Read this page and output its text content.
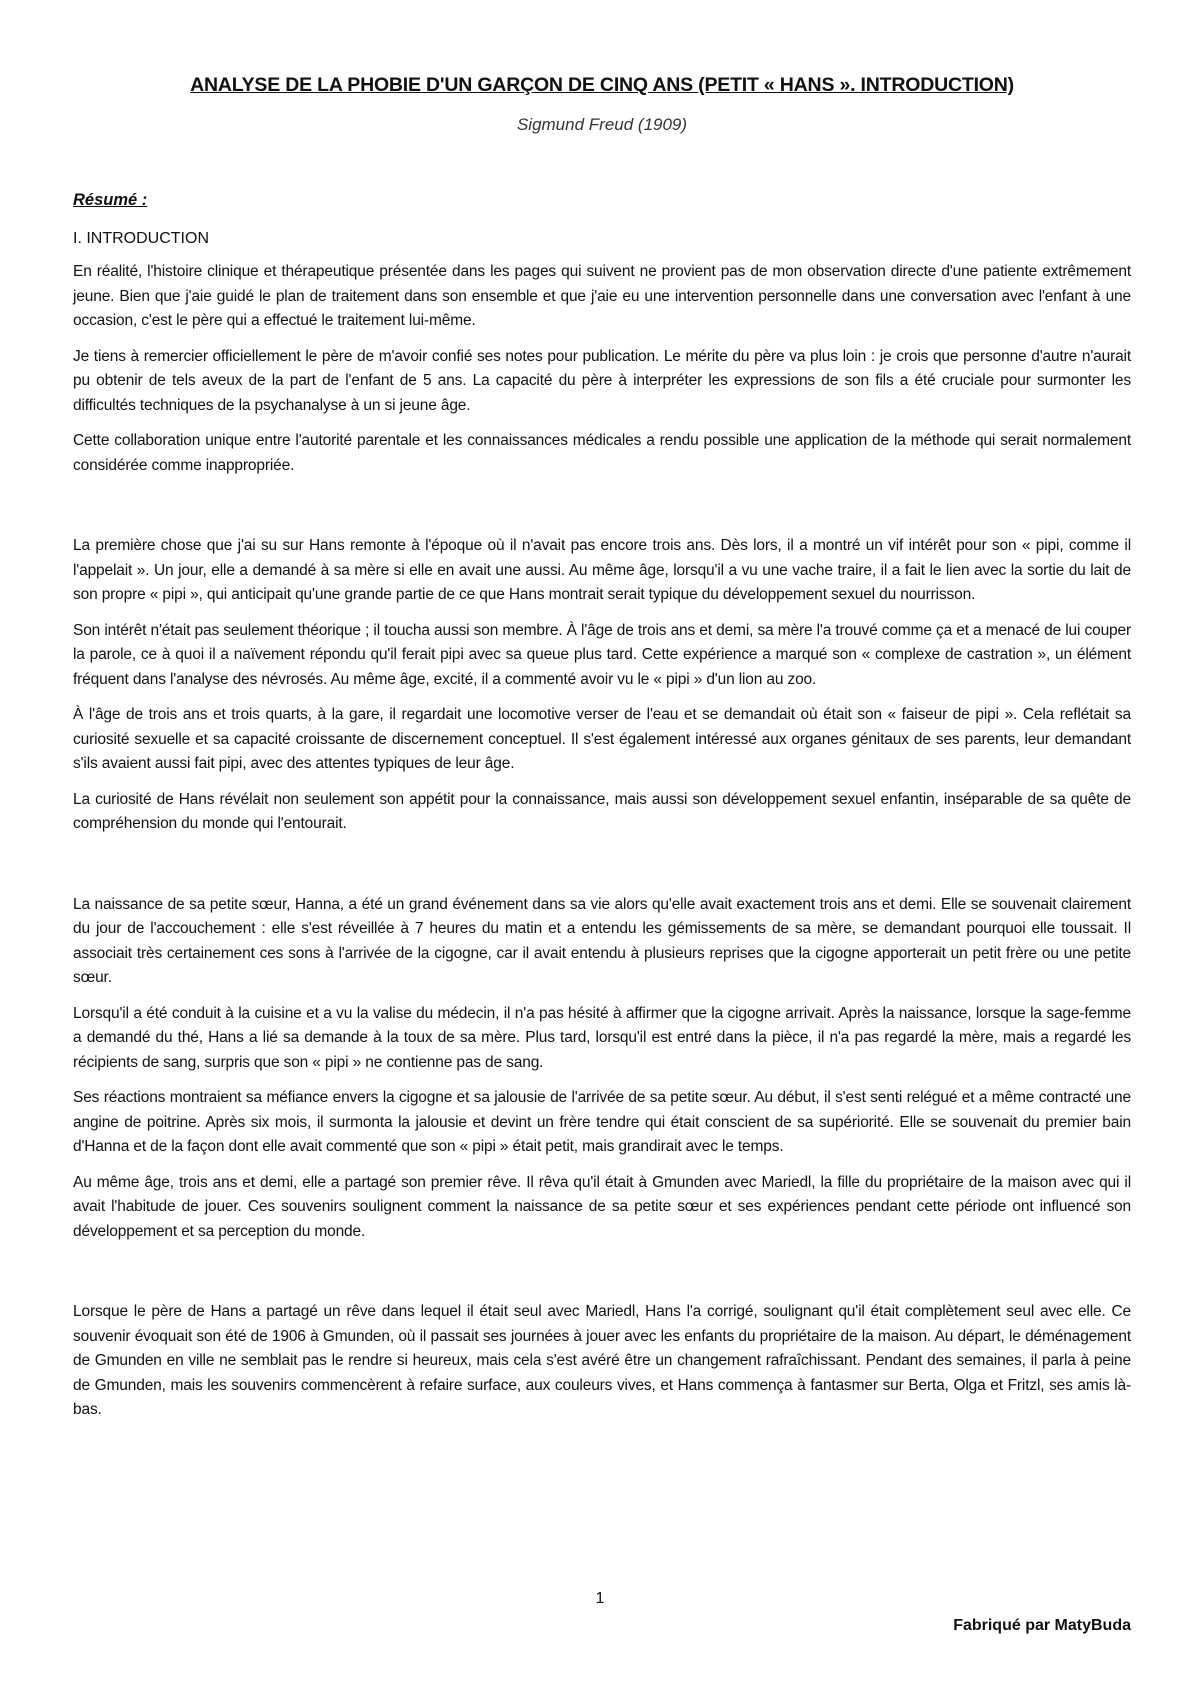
ANALYSE DE LA PHOBIE D'UN GARÇON DE CINQ ANS (PETIT « HANS ». INTRODUCTION)

Sigmund Freud (1909)

Résumé :

I. INTRODUCTION

En réalité, l'histoire clinique et thérapeutique présentée dans les pages qui suivent ne provient pas de mon observation directe d'une patiente extrêmement jeune. Bien que j'aie guidé le plan de traitement dans son ensemble et que j'aie eu une intervention personnelle dans une conversation avec l'enfant à une occasion, c'est le père qui a effectué le traitement lui-même.

Je tiens à remercier officiellement le père de m'avoir confié ses notes pour publication. Le mérite du père va plus loin : je crois que personne d'autre n'aurait pu obtenir de tels aveux de la part de l'enfant de 5 ans. La capacité du père à interpréter les expressions de son fils a été cruciale pour surmonter les difficultés techniques de la psychanalyse à un si jeune âge.

Cette collaboration unique entre l'autorité parentale et les connaissances médicales a rendu possible une application de la méthode qui serait normalement considérée comme inappropriée.

La première chose que j'ai su sur Hans remonte à l'époque où il n'avait pas encore trois ans. Dès lors, il a montré un vif intérêt pour son « pipi, comme il l'appelait ». Un jour, elle a demandé à sa mère si elle en avait une aussi. Au même âge, lorsqu'il a vu une vache traire, il a fait le lien avec la sortie du lait de son propre « pipi », qui anticipait qu'une grande partie de ce que Hans montrait serait typique du développement sexuel du nourrisson.

Son intérêt n'était pas seulement théorique ; il toucha aussi son membre. À l'âge de trois ans et demi, sa mère l'a trouvé comme ça et a menacé de lui couper la parole, ce à quoi il a naïvement répondu qu'il ferait pipi avec sa queue plus tard. Cette expérience a marqué son « complexe de castration », un élément fréquent dans l'analyse des névrosés. Au même âge, excité, il a commenté avoir vu le « pipi » d'un lion au zoo.

À l'âge de trois ans et trois quarts, à la gare, il regardait une locomotive verser de l'eau et se demandait où était son « faiseur de pipi ». Cela reflétait sa curiosité sexuelle et sa capacité croissante de discernement conceptuel. Il s'est également intéressé aux organes génitaux de ses parents, leur demandant s'ils avaient aussi fait pipi, avec des attentes typiques de leur âge.

La curiosité de Hans révélait non seulement son appétit pour la connaissance, mais aussi son développement sexuel enfantin, inséparable de sa quête de compréhension du monde qui l'entourait.

La naissance de sa petite sœur, Hanna, a été un grand événement dans sa vie alors qu'elle avait exactement trois ans et demi. Elle se souvenait clairement du jour de l'accouchement : elle s'est réveillée à 7 heures du matin et a entendu les gémissements de sa mère, se demandant pourquoi elle toussait. Il associait très certainement ces sons à l'arrivée de la cigogne, car il avait entendu à plusieurs reprises que la cigogne apporterait un petit frère ou une petite sœur.

Lorsqu'il a été conduit à la cuisine et a vu la valise du médecin, il n'a pas hésité à affirmer que la cigogne arrivait. Après la naissance, lorsque la sage-femme a demandé du thé, Hans a lié sa demande à la toux de sa mère. Plus tard, lorsqu'il est entré dans la pièce, il n'a pas regardé la mère, mais a regardé les récipients de sang, surpris que son « pipi » ne contienne pas de sang.

Ses réactions montraient sa méfiance envers la cigogne et sa jalousie de l'arrivée de sa petite sœur. Au début, il s'est senti relégué et a même contracté une angine de poitrine. Après six mois, il surmonta la jalousie et devint un frère tendre qui était conscient de sa supériorité. Elle se souvenait du premier bain d'Hanna et de la façon dont elle avait commenté que son « pipi » était petit, mais grandirait avec le temps.

Au même âge, trois ans et demi, elle a partagé son premier rêve. Il rêva qu'il était à Gmunden avec Mariedl, la fille du propriétaire de la maison avec qui il avait l'habitude de jouer. Ces souvenirs soulignent comment la naissance de sa petite sœur et ses expériences pendant cette période ont influencé son développement et sa perception du monde.

Lorsque le père de Hans a partagé un rêve dans lequel il était seul avec Mariedl, Hans l'a corrigé, soulignant qu'il était complètement seul avec elle. Ce souvenir évoquait son été de 1906 à Gmunden, où il passait ses journées à jouer avec les enfants du propriétaire de la maison. Au départ, le déménagement de Gmunden en ville ne semblait pas le rendre si heureux, mais cela s'est avéré être un changement rafraîchissant. Pendant des semaines, il parla à peine de Gmunden, mais les souvenirs commencèrent à refaire surface, aux couleurs vives, et Hans commença à fantasmer sur Berta, Olga et Fritzl, ses amis là-bas.

1
Fabriqué par MatyBuda
